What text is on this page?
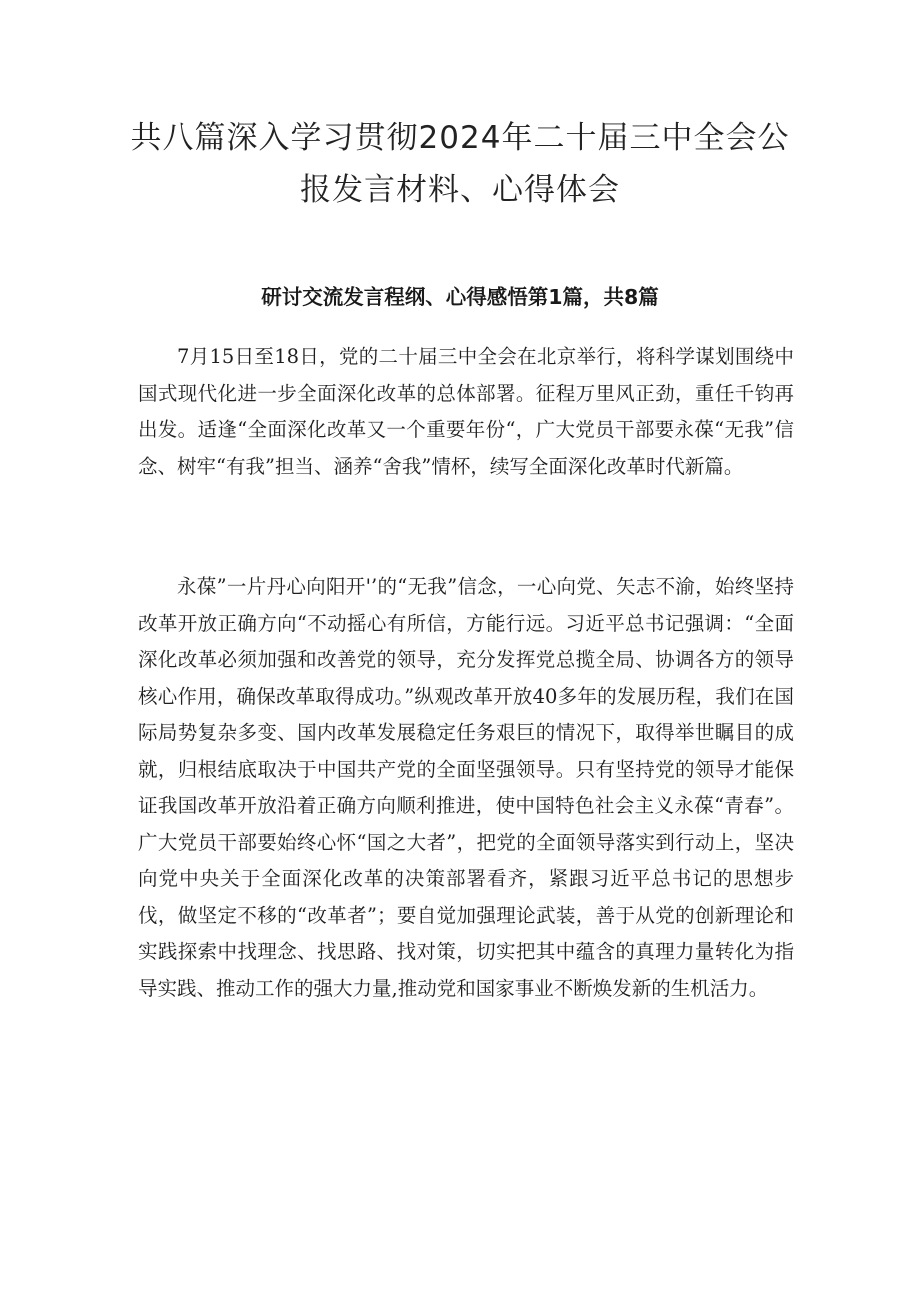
共八篇深入学习贯彻2024年二十届三中全会公报发言材料、心得体会
研讨交流发言程纲、心得感悟第1篇，共8篇

7月15日至18日，党的二十届三中全会在北京举行，将科学谋划围绕中国式现代化进一步全面深化改革的总体部署。征程万里风正劲，重任千钧再出发。适逢“全面深化改革又一个重要年份“，广大党员干部要永葆“无我”信念、树牢“有我”担当、涵养“舍我”情杯，续写全面深化改革时代新篇。

永葆”一片丹心向阳开'’的“无我”信念，一心向党、矢志不渝，始终坚持改革开放正确方向“不动摇心有所信，方能行远。习近平总书记强调：“全面深化改革必须加强和改善党的领导，充分发挥党总揽全局、协调各方的领导核心作用，确保改革取得成功。”纵观改革开放40多年的发展历程，我们在国际局势复杂多变、国内改革发展稳定任务艰巨的情况下，取得举世瞩目的成就，归根结底取决于中国共产党的全面坚强领导。只有坚持党的领导才能保证我国改革开放沿着正确方向顺利推进，使中国特色社会主义永葆“青春”。广大党员干部要始终心怀“国之大者”，把党的全面领导落实到行动上，坚决向党中央关于全面深化改革的决策部署看齐，紧跟习近平总书记的思想步伐，做坚定不移的“改革者”；要自觉加强理论武装，善于从党的创新理论和实践探索中找理念、找思路、找对策，切实把其中蕴含的真理力量转化为指导实践、推动工作的强大力量,推动党和国家事业不断焕发新的生机活力。
